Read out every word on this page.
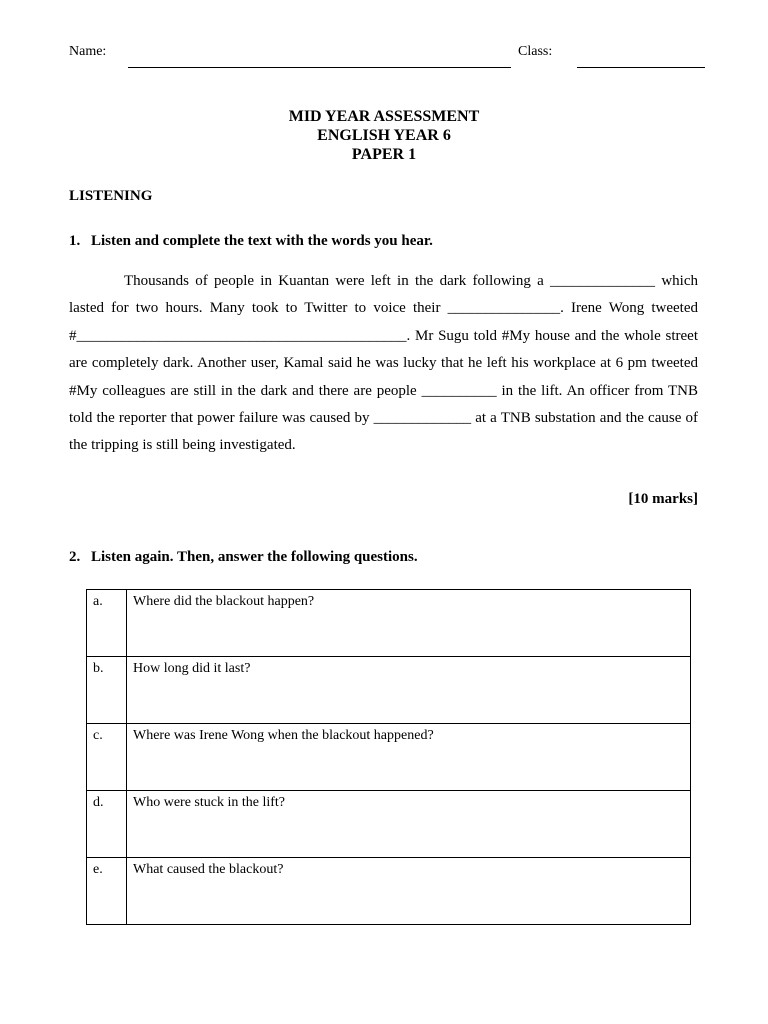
Name:	Class:
MID YEAR ASSESSMENT
ENGLISH YEAR 6
PAPER 1
LISTENING
1. Listen and complete the text with the words you hear.

Thousands of people in Kuantan were left in the dark following a ______________ which lasted for two hours. Many took to Twitter to voice their _______________. Irene Wong tweeted #____________________________________________. Mr Sugu told #My house and the whole street are completely dark. Another user, Kamal said he was lucky that he left his workplace at 6 pm tweeted #My colleagues are still in the dark and there are people __________ in the lift. An officer from TNB told the reporter that power failure was caused by _____________ at a TNB substation and the cause of the tripping is still being investigated.

[10 marks]
2. Listen again. Then, answer the following questions.
a.	Where did the blackout happen?
b.	How long did it last?
c.	Where was Irene Wong when the blackout happened?
d.	Who were stuck in the lift?
e.	What caused the blackout?
